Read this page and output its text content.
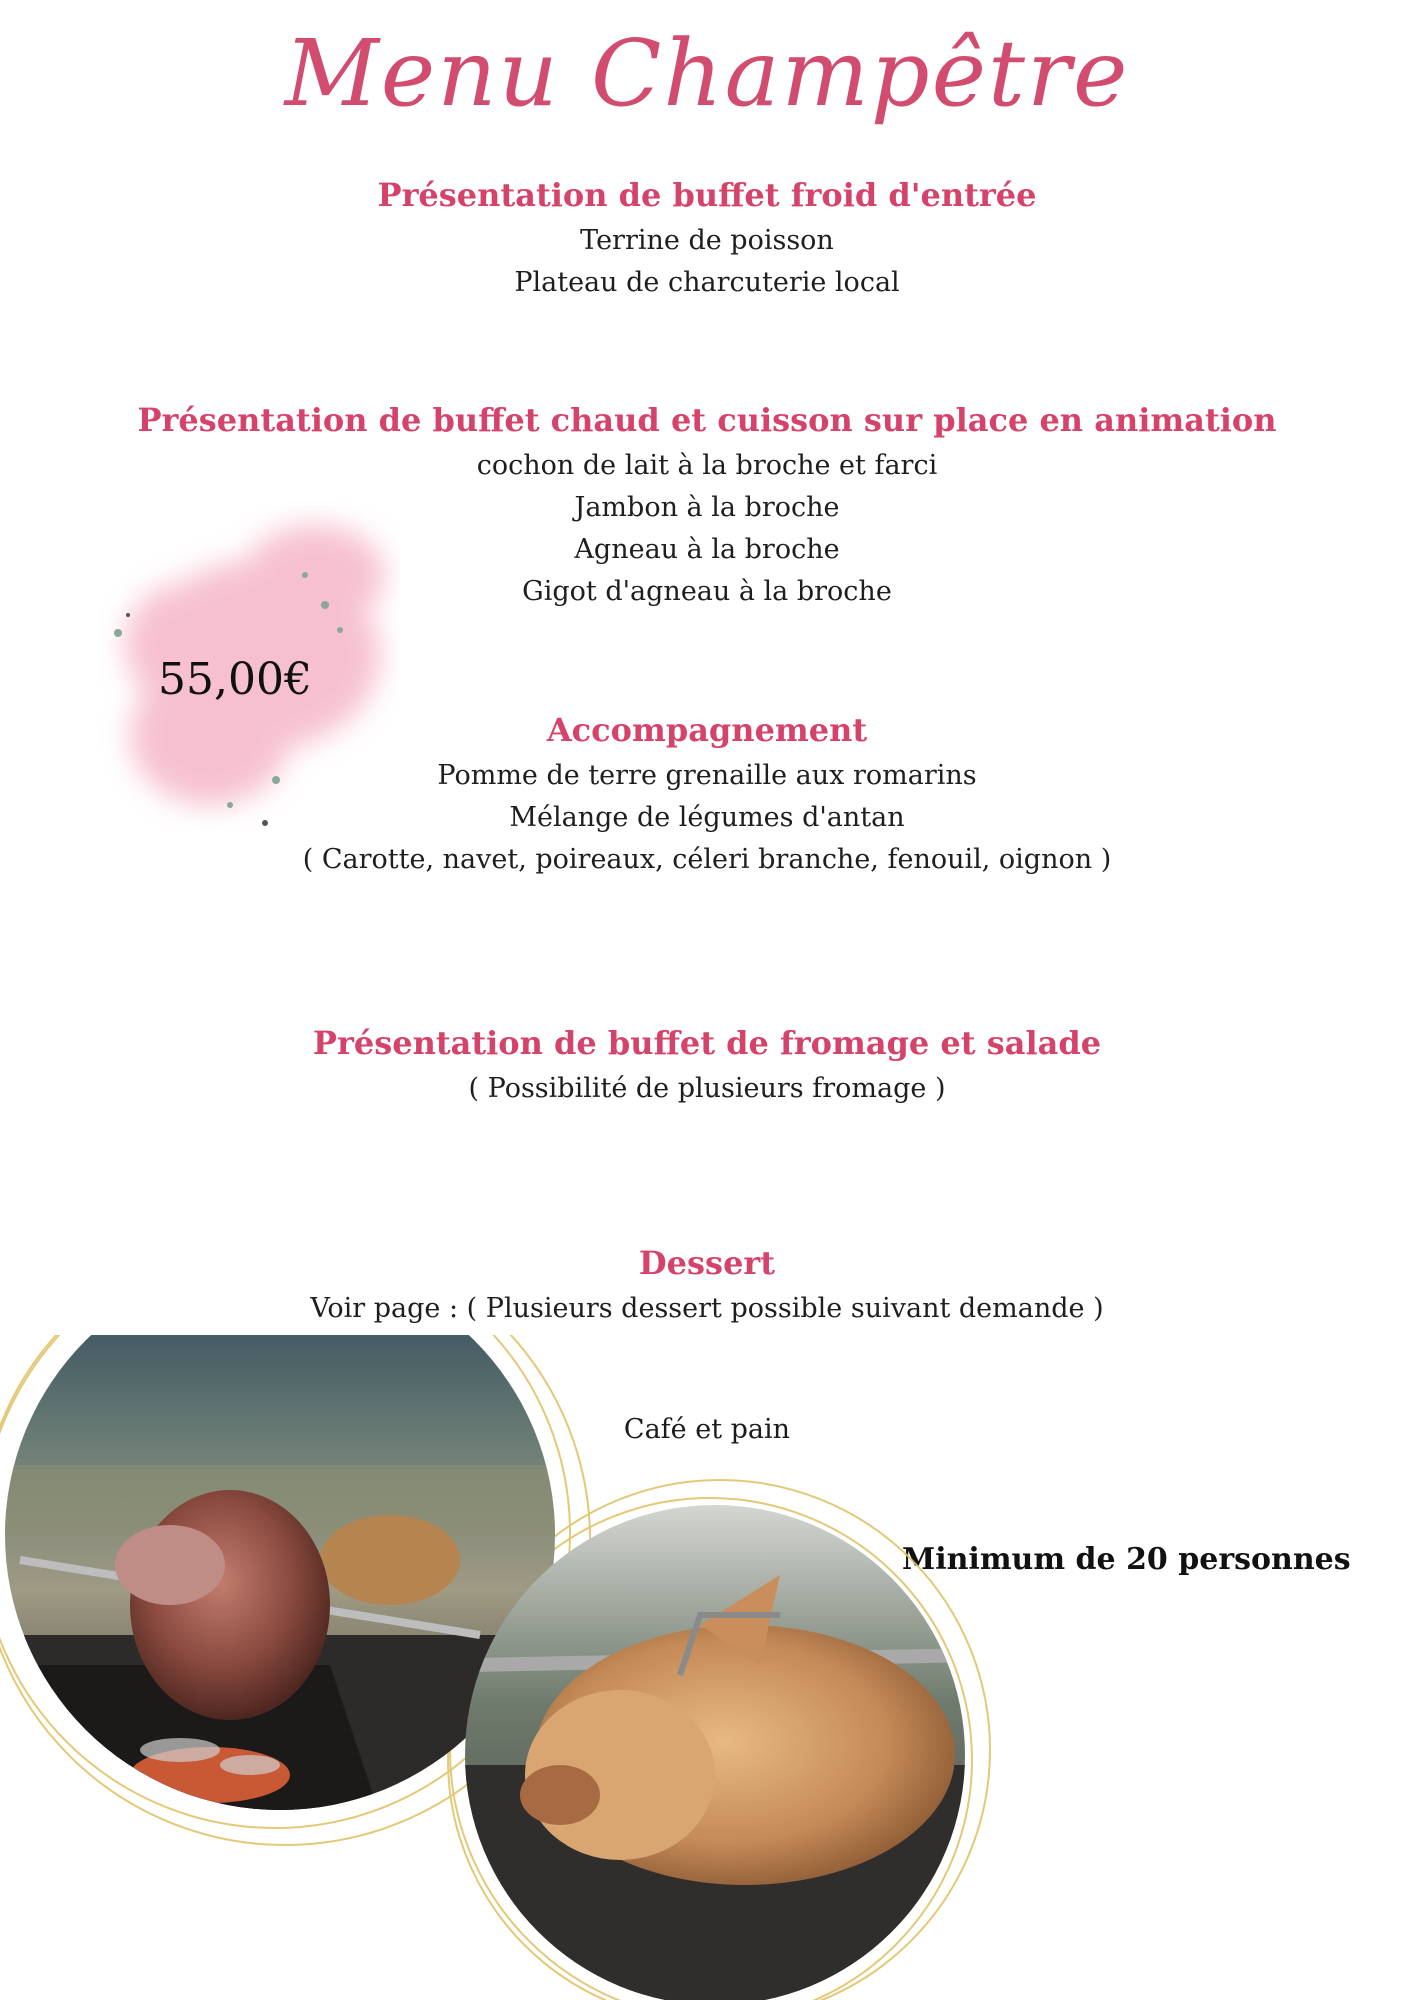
Menu Champêtre
Présentation de buffet froid d'entrée
Terrine de poisson
Plateau de charcuterie local
Présentation de buffet chaud et cuisson sur place en animation
cochon de lait à la broche et farci
Jambon à la broche
Agneau à la broche
Gigot d'agneau à la broche
Accompagnement
Pomme de terre grenaille aux romarins
Mélange de légumes d'antan
( Carotte, navet, poireaux, céleri branche, fenouil, oignon )
Présentation de buffet de fromage et salade
( Possibilité de plusieurs fromage )
Dessert
Voir page : ( Plusieurs dessert possible suivant demande )
Café et pain
Minimum de 20 personnes
55,00€
